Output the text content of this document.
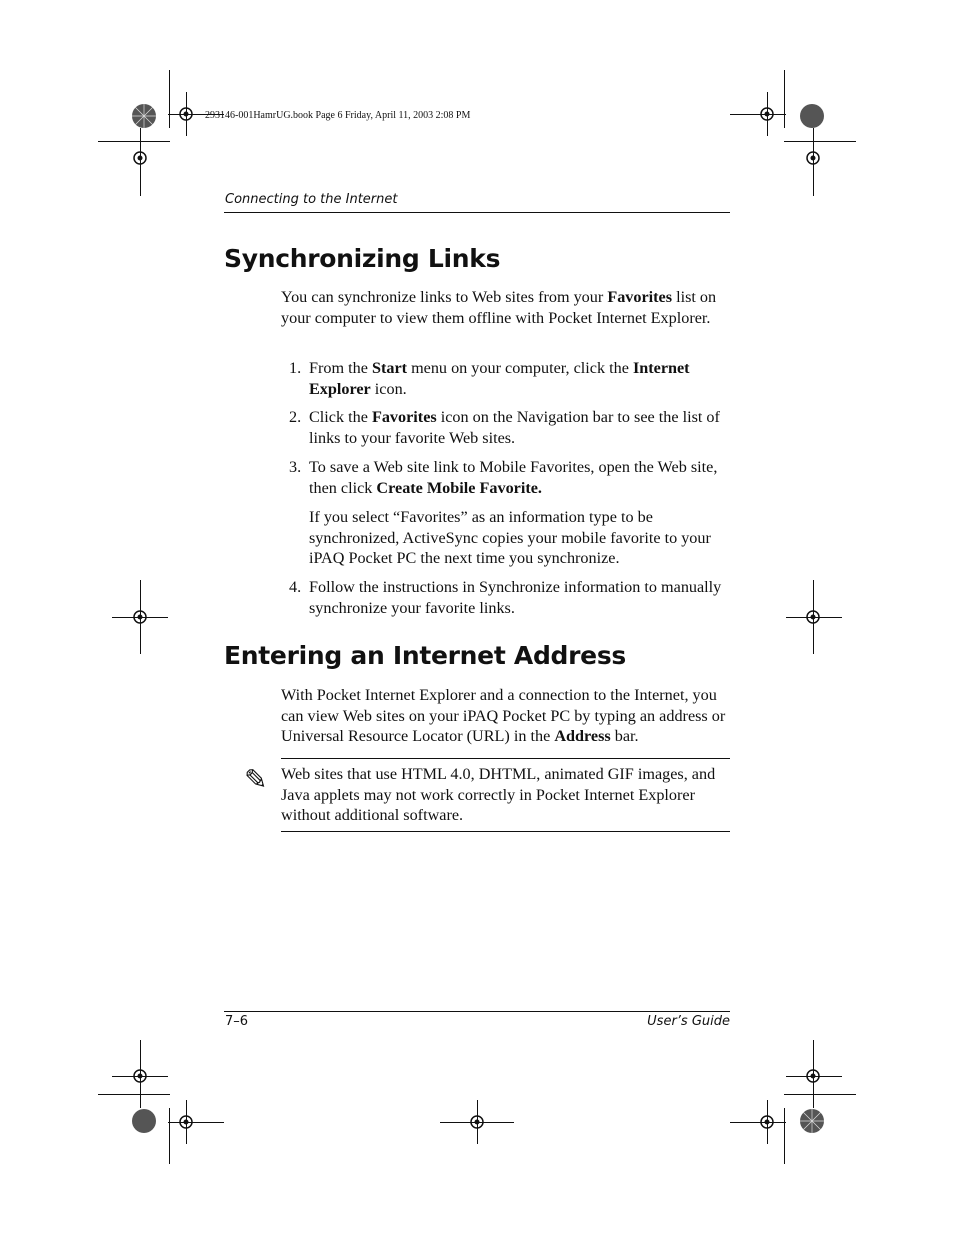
293146-001HamrUG.book Page 6 Friday, April 11, 2003 2:08 PM
Connecting to the Internet
Synchronizing Links

You can synchronize links to Web sites from your Favorites list on your computer to view them offline with Pocket Internet Explorer.

1. From the Start menu on your computer, click the Internet Explorer icon.
2. Click the Favorites icon on the Navigation bar to see the list of links to your favorite Web sites.
3. To save a Web site link to Mobile Favorites, open the Web site, then click Create Mobile Favorite.
If you select “Favorites” as an information type to be synchronized, ActiveSync copies your mobile favorite to your iPAQ Pocket PC the next time you synchronize.
4. Follow the instructions in Synchronize information to manually synchronize your favorite links.
Entering an Internet Address

With Pocket Internet Explorer and a connection to the Internet, you can view Web sites on your iPAQ Pocket PC by typing an address or Universal Resource Locator (URL) in the Address bar.

✎ Web sites that use HTML 4.0, DHTML, animated GIF images, and Java applets may not work correctly in Pocket Internet Explorer without additional software.

7–6	User’s Guide
